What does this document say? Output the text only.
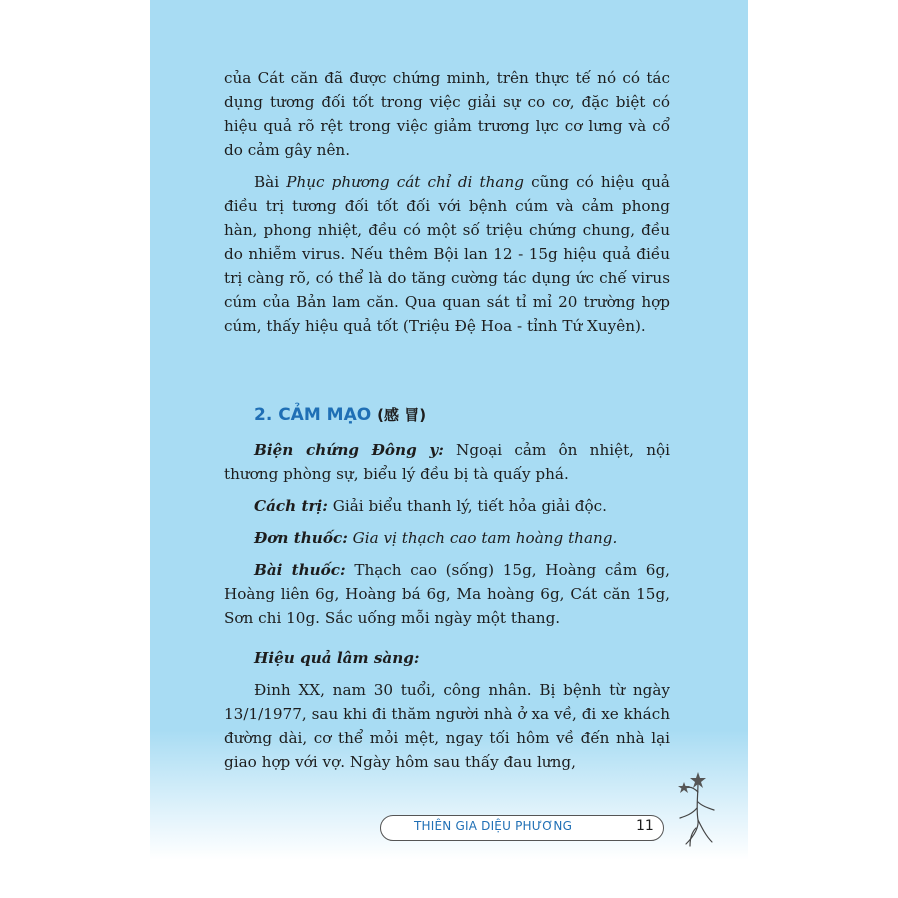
của Cát căn đã được chứng minh, trên thực tế nó có tác dụng tương đối tốt trong việc giải sự co cơ, đặc biệt có hiệu quả rõ rệt trong việc giảm trương lực cơ lưng và cổ do cảm gây nên.

Bài Phục phương cát chỉ di thang cũng có hiệu quả điều trị tương đối tốt đối với bệnh cúm và cảm phong hàn, phong nhiệt, đều có một số triệu chứng chung, đều do nhiễm virus. Nếu thêm Bội lan 12 - 15g hiệu quả điều trị càng rõ, có thể là do tăng cường tác dụng ức chế virus cúm của Bản lam căn. Qua quan sát tỉ mỉ 20 trường hợp cúm, thấy hiệu quả tốt (Triệu Đệ Hoa - tỉnh Tứ Xuyên).

2. CẢM MẠO (感 冒)

Biện chứng Đông y: Ngoại cảm ôn nhiệt, nội thương phòng sự, biểu lý đều bị tà quấy phá.

Cách trị: Giải biểu thanh lý, tiết hỏa giải độc.

Đơn thuốc: Gia vị thạch cao tam hoàng thang.

Bài thuốc: Thạch cao (sống) 15g, Hoàng cầm 6g, Hoàng liên 6g, Hoàng bá 6g, Ma hoàng 6g, Cát căn 15g, Sơn chi 10g. Sắc uống mỗi ngày một thang.

Hiệu quả lâm sàng:

Đinh XX, nam 30 tuổi, công nhân. Bị bệnh từ ngày 13/1/1977, sau khi đi thăm người nhà ở xa về, đi xe khách đường dài, cơ thể mỏi mệt, ngay tối hôm về đến nhà lại giao hợp với vợ. Ngày hôm sau thấy đau lưng,

THIÊN GIA DIỆU PHƯƠNG	11
